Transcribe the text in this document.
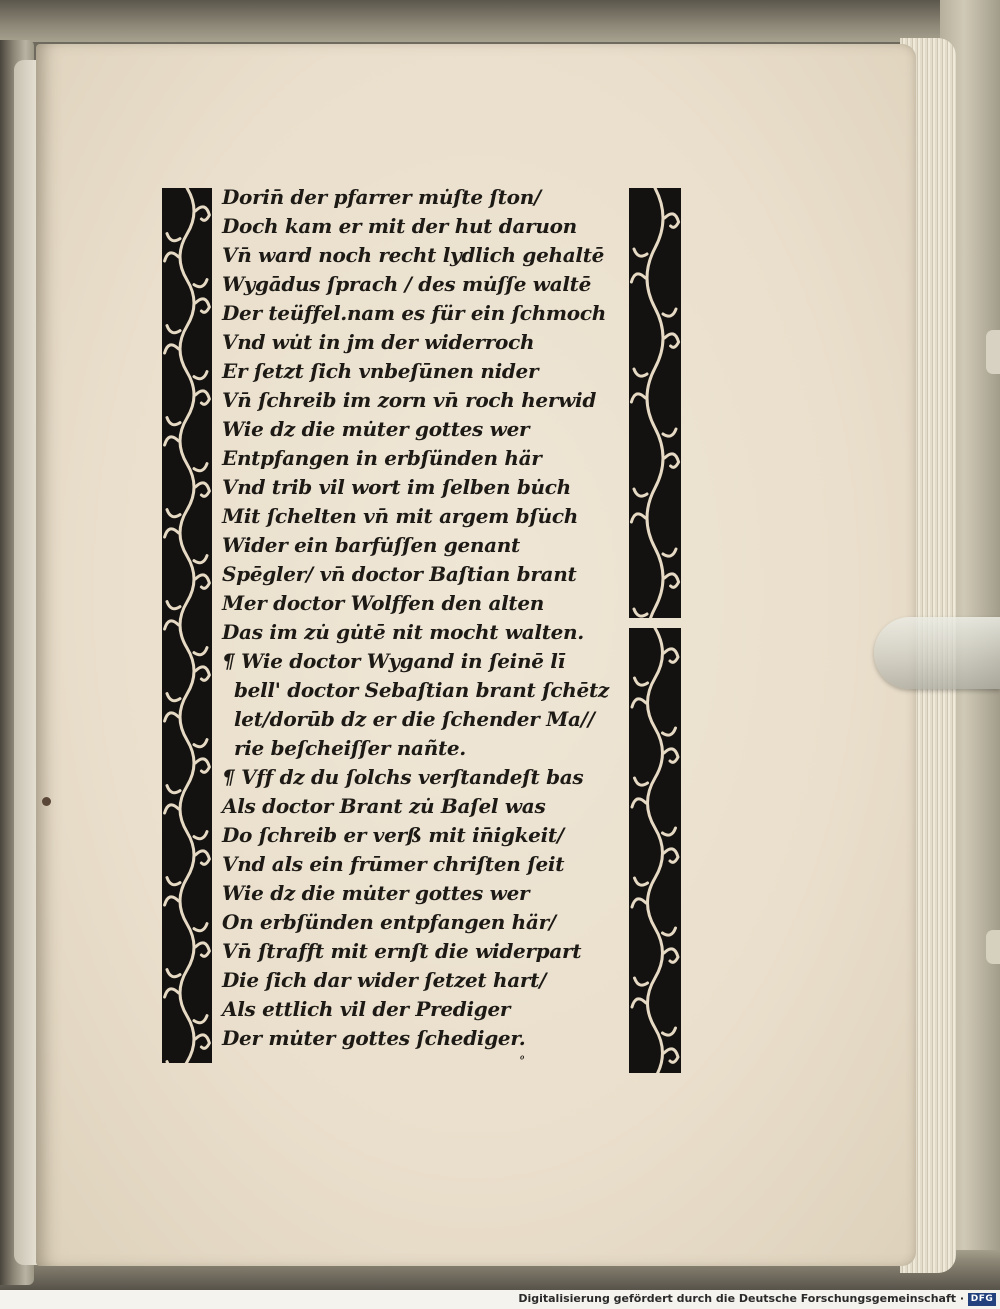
Dorin̄ der pfarrer mu̇ſte ſton/
Doch kam er mit der hut daruon
Vn̄ ward noch recht lydlich gehaltē
Wygādus ſprach / des mu̇ſſe waltē
Der teüffel.nam es für ein ſchmoch
Vnd wu̇t in jm der widerroch
Er ſetzt ſich vnbeſūnen nider
Vn̄ ſchreib im zorn vn̄ roch herwid
Wie dz die mu̇ter gottes wer
Entpfangen in erbſünden här
Vnd trib vil wort im ſelben bu̇ch
Mit ſchelten vn̄ mit argem bſu̇ch
Wider ein barfu̇ſſen genant
Spēgler/ vn̄ doctor Baſtian brant
Mer doctor Wolffen den alten
Das im zu̇ gu̇tē nit mocht walten.
¶ Wie doctor Wygand in ſeinē lī
bell' doctor Sebaſtian brant ſchētz
let/dorūb dz er die ſchender Ma//
rie beſcheiſſer nañte.
¶ Vff dz du ſolchs verſtandeſt bas
Als doctor Brant zu̇ Baſel was
Do ſchreib er verß mit in̄igkeit/
Vnd als ein frūmer chriſten ſeit
Wie dz die mu̇ter gottes wer
On erbſünden entpfangen här/
Vn̄ ſtrafft mit ernſt die widerpart
Die ſich dar wider ſetzet hart/
Als ettlich vil der Prediger
Der mu̇ter gottes ſchediger.
Digitalisierung gefördert durch die Deutsche Forschungsgemeinschaft · DFG
